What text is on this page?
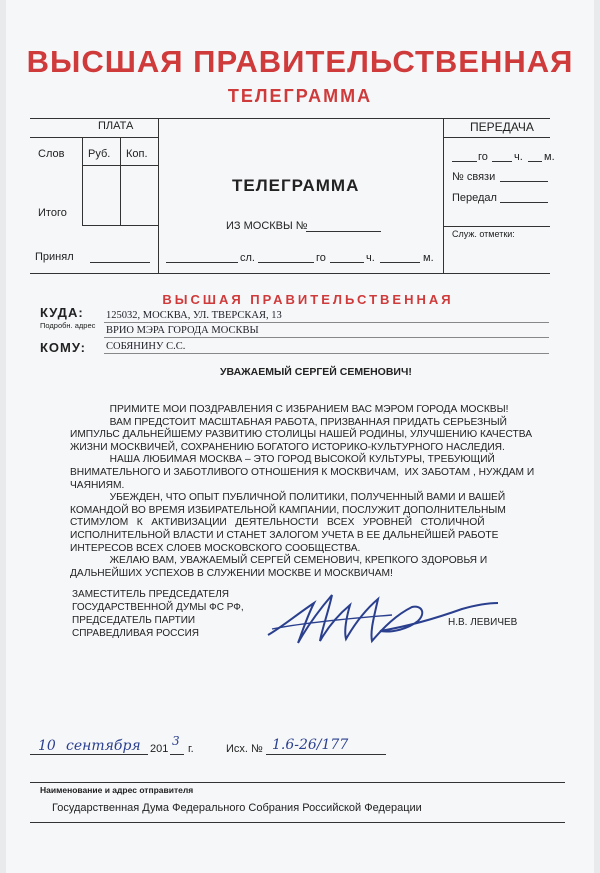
ВЫСШАЯ ПРАВИТЕЛЬСТВЕННАЯ
ТЕЛЕГРАММА
ПЛАТА
Слов Руб. Коп.
Итого
Принял
ТЕЛЕГРАММА
ИЗ МОСКВЫ №
сл.	го	ч.	м.
ПЕРЕДАЧА
го ч. м.
№ связи
Передал
Служ. отметки:
ВЫСШАЯ ПРАВИТЕЛЬСТВЕННАЯ
КУДА:
Подробн. адрес
125032, МОСКВА, УЛ. ТВЕРСКАЯ, 13
ВРИО МЭРА ГОРОДА МОСКВЫ
КОМУ: СОБЯНИНУ С.С.
УВАЖАЕМЫЙ СЕРГЕЙ СЕМЕНОВИЧ!
ПРИМИТЕ МОИ ПОЗДРАВЛЕНИЯ С ИЗБРАНИЕМ ВАС МЭРОМ ГОРОДА МОСКВЫ!
ВАМ ПРЕДСТОИТ МАСШТАБНАЯ РАБОТА, ПРИЗВАННАЯ ПРИДАТЬ СЕРЬЕЗНЫЙ
ИМПУЛЬС ДАЛЬНЕЙШЕМУ РАЗВИТИЮ СТОЛИЦЫ НАШЕЙ РОДИНЫ, УЛУЧШЕНИЮ КАЧЕСТВА
ЖИЗНИ МОСКВИЧЕЙ, СОХРАНЕНИЮ БОГАТОГО ИСТОРИКО-КУЛЬТУРНОГО НАСЛЕДИЯ.
НАША ЛЮБИМАЯ МОСКВА – ЭТО ГОРОД ВЫСОКОЙ КУЛЬТУРЫ, ТРЕБУЮЩИЙ
ВНИМАТЕЛЬНОГО И ЗАБОТЛИВОГО ОТНОШЕНИЯ К МОСКВИЧАМ,  ИХ ЗАБОТАМ , НУЖДАМ И
ЧАЯНИЯМ.
УБЕЖДЕН, ЧТО ОПЫТ ПУБЛИЧНОЙ ПОЛИТИКИ, ПОЛУЧЕННЫЙ ВАМИ И ВАШЕЙ
КОМАНДОЙ ВО ВРЕМЯ ИЗБИРАТЕЛЬНОЙ КАМПАНИИ, ПОСЛУЖИТ ДОПОЛНИТЕЛЬНЫМ
СТИМУЛОМ   К   АКТИВИЗАЦИИ   ДЕЯТЕЛЬНОСТИ   ВСЕХ   УРОВНЕЙ   СТОЛИЧНОЙ
ИСПОЛНИТЕЛЬНОЙ ВЛАСТИ И СТАНЕТ ЗАЛОГОМ УЧЕТА В ЕЕ ДАЛЬНЕЙШЕЙ РАБОТЕ
ИНТЕРЕСОВ ВСЕХ СЛОЕВ МОСКОВСКОГО СООБЩЕСТВА.
ЖЕЛАЮ ВАМ, УВАЖАЕМЫЙ СЕРГЕЙ СЕМЕНОВИЧ, КРЕПКОГО ЗДОРОВЬЯ И
ДАЛЬНЕЙШИХ УСПЕХОВ В СЛУЖЕНИИ МОСКВЕ И МОСКВИЧАМ!
ЗАМЕСТИТЕЛЬ ПРЕДСЕДАТЕЛЯ
ГОСУДАРСТВЕННОЙ ДУМЫ ФС РФ,
ПРЕДСЕДАТЕЛЬ ПАРТИИ
СПРАВЕДЛИВАЯ РОССИЯ
Н.В. ЛЕВИЧЕВ
10 сентября 201
3
г.	Исх. № 1.6-26/177
Наименование и адрес отправителя
Государственная Дума Федерального Собрания Российской Федерации
